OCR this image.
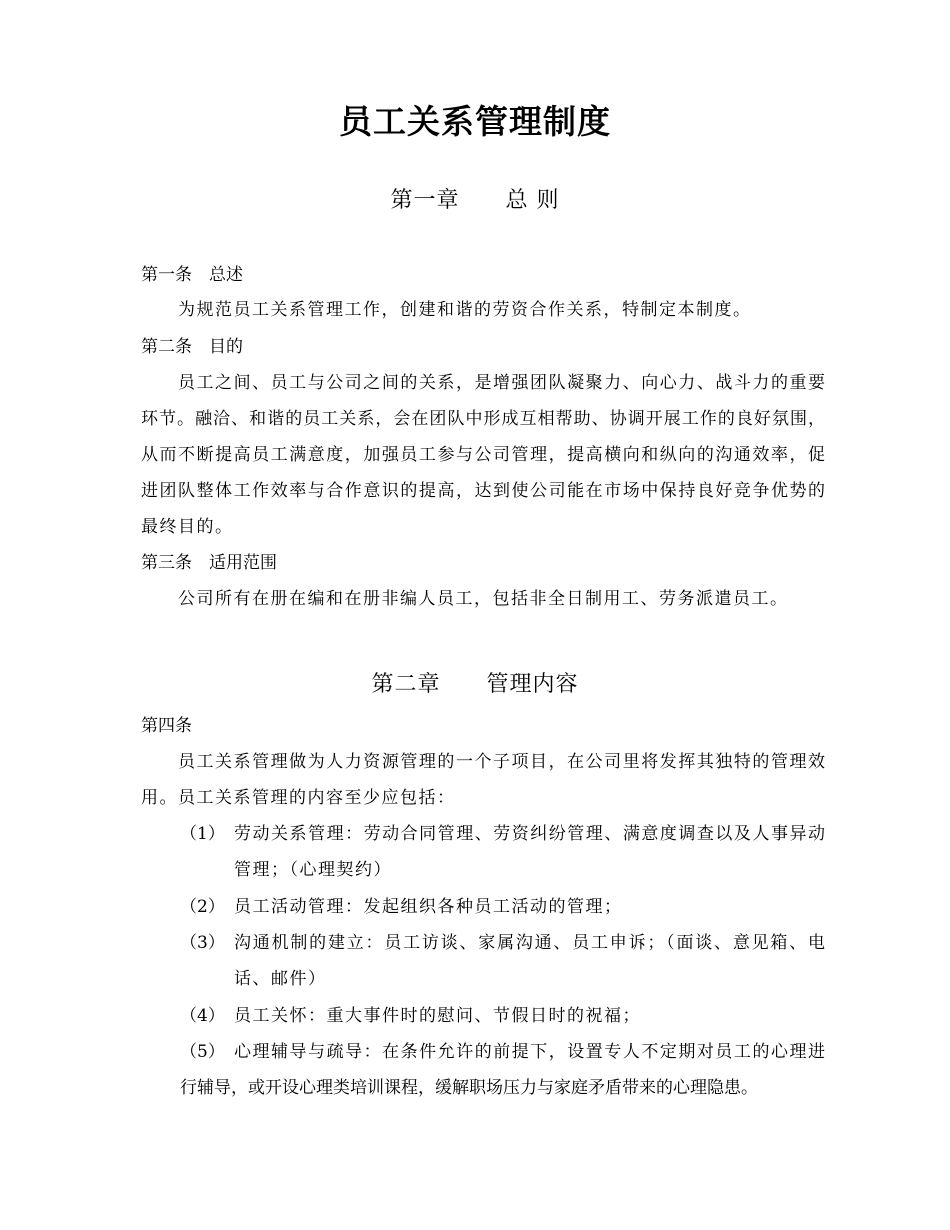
员工关系管理制度
第一章　　总 则
第一条　总述
为规范员工关系管理工作，创建和谐的劳资合作关系，特制定本制度。
第二条　目的
员工之间、员工与公司之间的关系，是增强团队凝聚力、向心力、战斗力的重要
环节。融洽、和谐的员工关系，会在团队中形成互相帮助、协调开展工作的良好氛围，
从而不断提高员工满意度，加强员工参与公司管理，提高横向和纵向的沟通效率，促
进团队整体工作效率与合作意识的提高，达到使公司能在市场中保持良好竞争优势的
最终目的。
第三条　适用范围
公司所有在册在编和在册非编人员工，包括非全日制用工、劳务派遣员工。
第二章　　管理内容
第四条
员工关系管理做为人力资源管理的一个子项目，在公司里将发挥其独特的管理效
用。员工关系管理的内容至少应包括：
（1） 劳动关系管理：劳动合同管理、劳资纠纷管理、满意度调查以及人事异动
管理；（心理契约）
（2） 员工活动管理：发起组织各种员工活动的管理；
（3） 沟通机制的建立：员工访谈、家属沟通、员工申诉；（面谈、意见箱、电
话、邮件）
（4） 员工关怀：重大事件时的慰问、节假日时的祝福；
（5） 心理辅导与疏导：在条件允许的前提下，设置专人不定期对员工的心理进
行辅导，或开设心理类培训课程，缓解职场压力与家庭矛盾带来的心理隐患。
